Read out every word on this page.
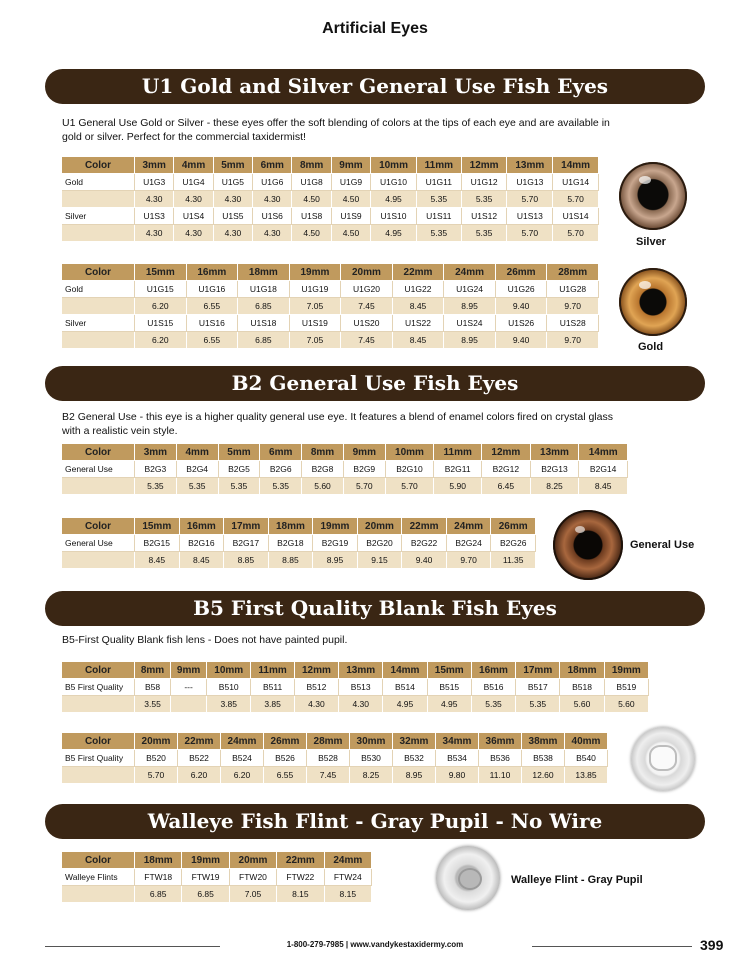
Artificial Eyes
U1 Gold and Silver General Use Fish Eyes
U1 General Use Gold or Silver - these eyes offer the soft blending of colors at the tips of each eye and are available in gold or silver. Perfect for the commercial taxidermist!
Color	3mm	4mm	5mm	6mm	8mm	9mm	10mm	11mm	12mm	13mm	14mm
Gold	U1G3	U1G4	U1G5	U1G6	U1G8	U1G9	U1G10	U1G11	U1G12	U1G13	U1G14
	4.30	4.30	4.30	4.30	4.50	4.50	4.95	5.35	5.35	5.70	5.70
Silver	U1S3	U1S4	U1S5	U1S6	U1S8	U1S9	U1S10	U1S11	U1S12	U1S13	U1S14
	4.30	4.30	4.30	4.30	4.50	4.50	4.95	5.35	5.35	5.70	5.70
Color	15mm	16mm	18mm	19mm	20mm	22mm	24mm	26mm	28mm
Gold	U1G15	U1G16	U1G18	U1G19	U1G20	U1G22	U1G24	U1G26	U1G28
	6.20	6.55	6.85	7.05	7.45	8.45	8.95	9.40	9.70
Silver	U1S15	U1S16	U1S18	U1S19	U1S20	U1S22	U1S24	U1S26	U1S28
	6.20	6.55	6.85	7.05	7.45	8.45	8.95	9.40	9.70
Silver
Gold
B2 General Use Fish Eyes
B2 General Use - this eye is a higher quality general use eye. It features a blend of enamel colors fired on crystal glass with a realistic vein style.
Color	3mm	4mm	5mm	6mm	8mm	9mm	10mm	11mm	12mm	13mm	14mm
General Use	B2G3	B2G4	B2G5	B2G6	B2G8	B2G9	B2G10	B2G11	B2G12	B2G13	B2G14
	5.35	5.35	5.35	5.35	5.60	5.70	5.70	5.90	6.45	8.25	8.45
Color	15mm	16mm	17mm	18mm	19mm	20mm	22mm	24mm	26mm
General Use	B2G15	B2G16	B2G17	B2G18	B2G19	B2G20	B2G22	B2G24	B2G26
	8.45	8.45	8.85	8.85	8.95	9.15	9.40	9.70	11.35
General Use
B5 First Quality Blank Fish Eyes
B5-First Quality Blank fish lens - Does not have painted pupil.
Color	8mm	9mm	10mm	11mm	12mm	13mm	14mm	15mm	16mm	17mm	18mm	19mm
B5 First Quality	B58	---	B510	B511	B512	B513	B514	B515	B516	B517	B518	B519
	3.55		3.85	3.85	4.30	4.30	4.95	4.95	5.35	5.35	5.60	5.60
Color	20mm	22mm	24mm	26mm	28mm	30mm	32mm	34mm	36mm	38mm	40mm
B5 First Quality	B520	B522	B524	B526	B528	B530	B532	B534	B536	B538	B540
	5.70	6.20	6.20	6.55	7.45	8.25	8.95	9.80	11.10	12.60	13.85
Walleye Fish Flint - Gray Pupil - No Wire
Color	18mm	19mm	20mm	22mm	24mm
Walleye Flints	FTW18	FTW19	FTW20	FTW22	FTW24
	6.85	6.85	7.05	8.15	8.15
Walleye Flint - Gray Pupil
1-800-279-7985 | www.vandykestaxidermy.com	399
